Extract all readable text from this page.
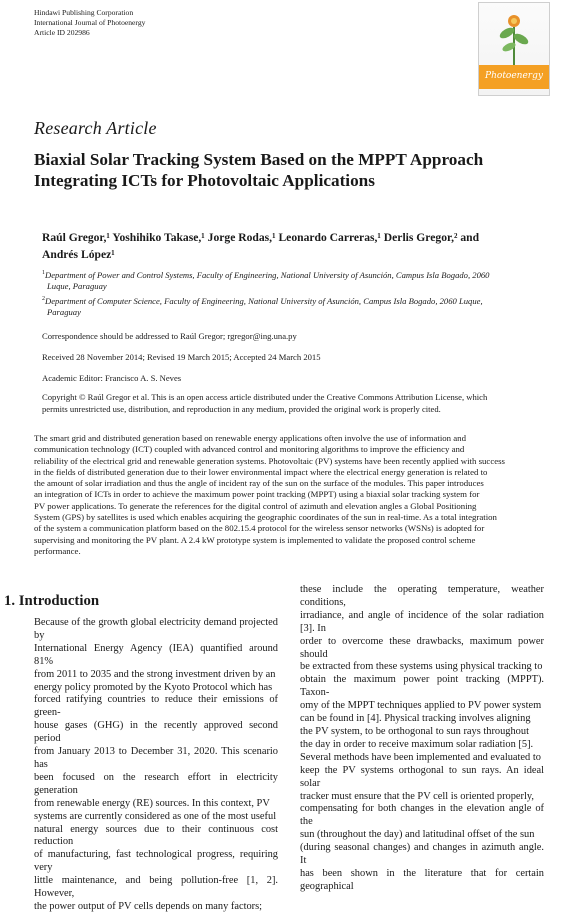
Hindawi Publishing Corporation
International Journal of Photoenergy
Article ID 202986
Photoenergy
Research Article
Biaxial Solar Tracking System Based on the MPPT Approach
Integrating ICTs for Photovoltaic Applications
Raúl Gregor,¹ Yoshihiko Takase,¹ Jorge Rodas,¹ Leonardo Carreras,¹ Derlis Gregor,² and
Andrés López¹
$^1$Department of Power and Control Systems, Faculty of Engineering, National University of Asunción, Campus Isla Bogado, 2060
Luque, Paraguay
$^2$Department of Computer Science, Faculty of Engineering, National University of Asunción, Campus Isla Bogado, 2060 Luque,
Paraguay
Correspondence should be addressed to Raúl Gregor; rgregor@ing.una.py
Received 28 November 2014; Revised 19 March 2015; Accepted 24 March 2015
Academic Editor: Francisco A. S. Neves
Copyright © Raúl Gregor et al. This is an open access article distributed under the Creative Commons Attribution License, which
permits unrestricted use, distribution, and reproduction in any medium, provided the original work is properly cited.
The smart grid and distributed generation based on renewable energy applications often involve the use of information and
communication technology (ICT) coupled with advanced control and monitoring algorithms to improve the efficiency and
reliability of the electrical grid and renewable generation systems. Photovoltaic (PV) systems have been recently applied with success
in the fields of distributed generation due to their lower environmental impact where the electrical energy generation is related to
the amount of solar irradiation and thus the angle of incident ray of the sun on the surface of the modules. This paper introduces
an integration of ICTs in order to achieve the maximum power point tracking (MPPT) using a biaxial solar tracking system for
PV power applications. To generate the references for the digital control of azimuth and elevation angles a Global Positioning
System (GPS) by satellites is used which enables acquiring the geographic coordinates of the sun in real-time. As a total integration
of the system a communication platform based on the 802.15.4 protocol for the wireless sensor networks (WSNs) is adopted for
supervising and monitoring the PV plant. A 2.4 kW prototype system is implemented to validate the proposed control scheme
performance.
1. Introduction
Because of the growth global electricity demand projected by
International Energy Agency (IEA) quantified around 81%
from 2011 to 2035 and the strong investment driven by an
energy policy promoted by the Kyoto Protocol which has
forced ratifying countries to reduce their emissions of green-
house gases (GHG) in the recently approved second period
from January 2013 to December 31, 2020. This scenario has
been focused on the research effort in electricity generation
from renewable energy (RE) sources. In this context, PV
systems are currently considered as one of the most useful
natural energy sources due to their continuous cost reduction
of manufacturing, fast technological progress, requiring very
little maintenance, and being pollution-free [1, 2]. However,
the power output of PV cells depends on many factors;
these include the operating temperature, weather conditions,
irradiance, and angle of incidence of the solar radiation [3]. In
order to overcome these drawbacks, maximum power should
be extracted from these systems using physical tracking to
obtain the maximum power point tracking (MPPT). Taxon-
omy of the MPPT techniques applied to PV power system
can be found in [4]. Physical tracking involves aligning
the PV system, to be orthogonal to sun rays throughout
the day in order to receive maximum solar radiation [5].
Several methods have been implemented and evaluated to
keep the PV systems orthogonal to sun rays. An ideal solar
tracker must ensure that the PV cell is oriented properly,
compensating for both changes in the elevation angle of the
sun (throughout the day) and latitudinal offset of the sun
(during seasonal changes) and changes in azimuth angle. It
has been shown in the literature that for certain geographical
